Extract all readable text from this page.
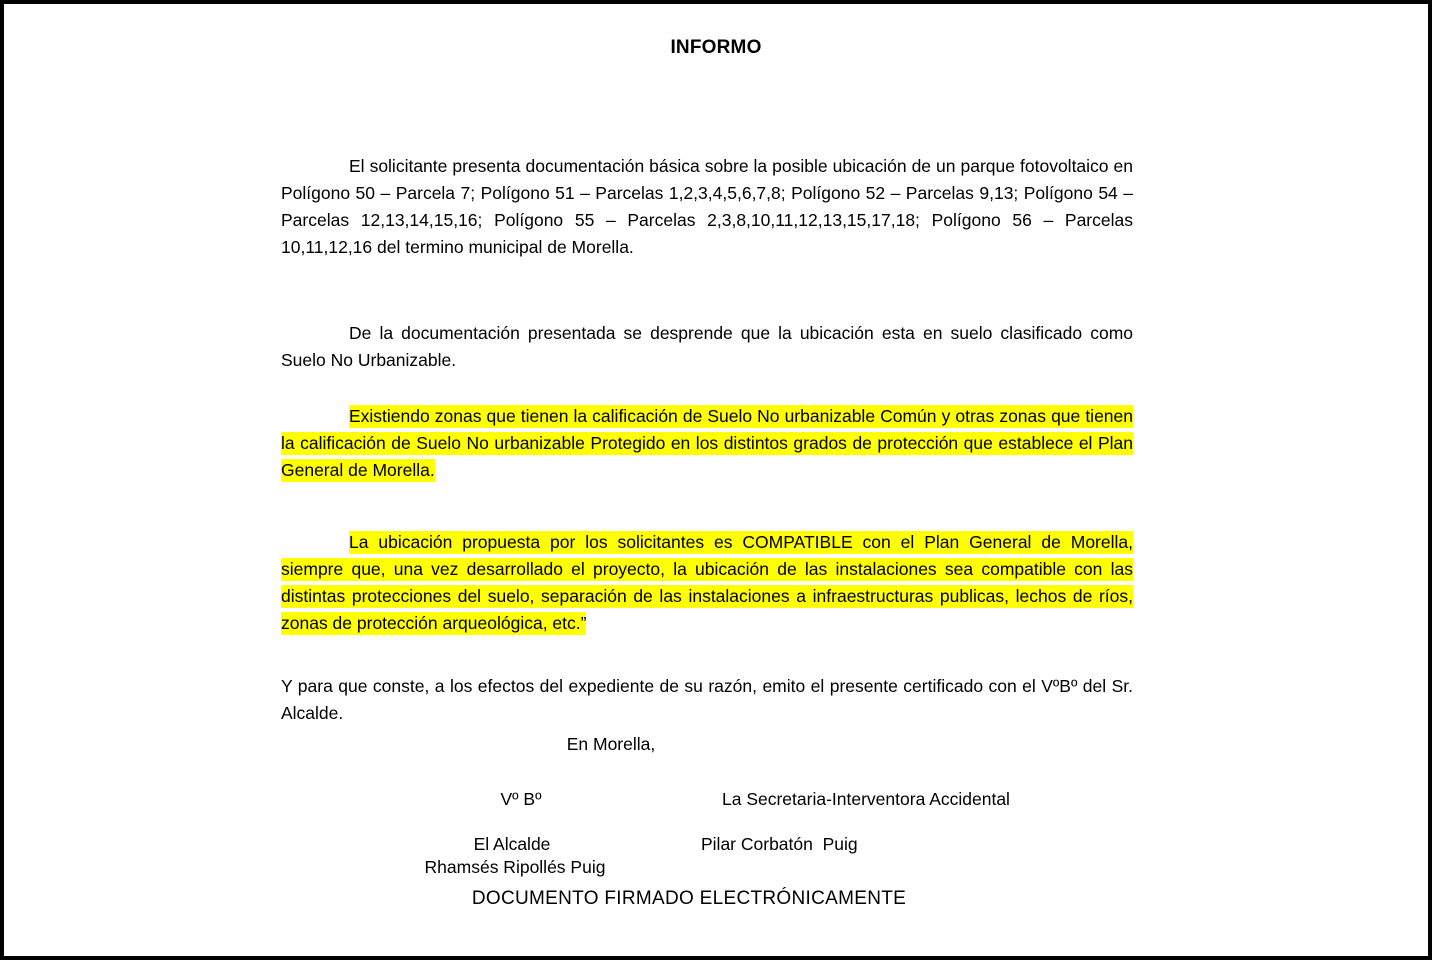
INFORMO
El solicitante presenta documentación básica sobre la posible ubicación de un parque fotovoltaico en Polígono 50 – Parcela 7; Polígono 51 – Parcelas 1,2,3,4,5,6,7,8; Polígono 52 – Parcelas 9,13; Polígono 54 – Parcelas 12,13,14,15,16; Polígono 55 – Parcelas 2,3,8,10,11,12,13,15,17,18; Polígono 56 – Parcelas 10,11,12,16 del termino municipal de Morella.
De la documentación presentada se desprende que la ubicación esta en suelo clasificado como Suelo No Urbanizable.
Existiendo zonas que tienen la calificación de Suelo No urbanizable Común y otras zonas que tienen la calificación de Suelo No urbanizable Protegido en los distintos grados de protección que establece el Plan General de Morella.
La ubicación propuesta por los solicitantes es COMPATIBLE con el Plan General de Morella, siempre que, una vez desarrollado el proyecto, la ubicación de las instalaciones sea compatible con las distintas protecciones del suelo, separación de las instalaciones a infraestructuras publicas, lechos de ríos, zonas de protección arqueológica, etc.”
Y para que conste, a los efectos del expediente de su razón, emito el presente certificado con el VºBº del Sr. Alcalde.
En Morella,
Vº Bº	La Secretaria-Interventora Accidental
El Alcalde	Pilar Corbatón  Puig
Rhamsés Ripollés Puig
DOCUMENTO FIRMADO ELECTRÓNICAMENTE
